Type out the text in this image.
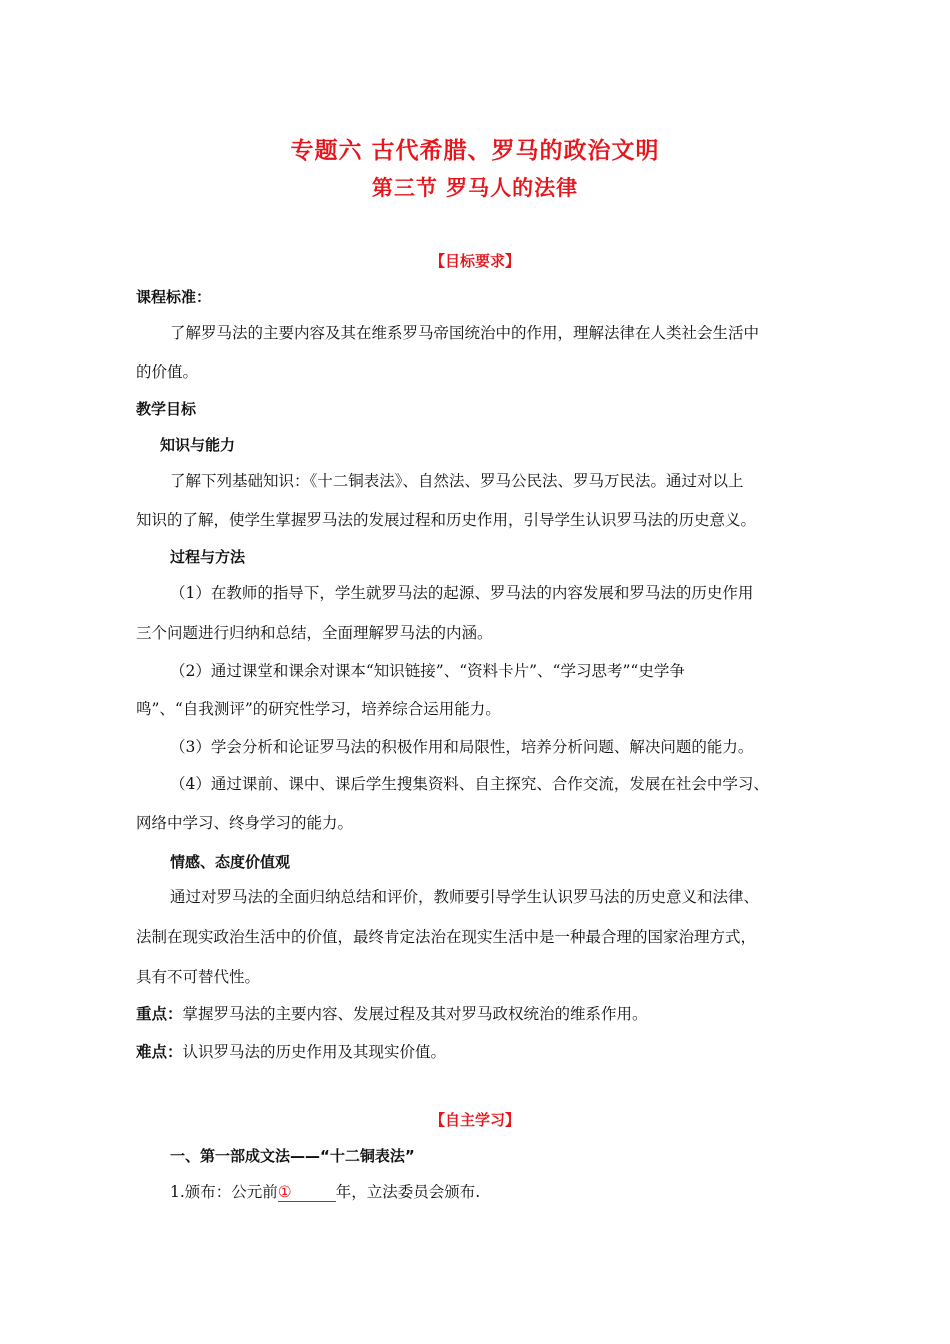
专题六 古代希腊、罗马的政治文明
第三节 罗马人的法律
【目标要求】
课程标准：
了解罗马法的主要内容及其在维系罗马帝国统治中的作用，理解法律在人类社会生活中
的价值。
教学目标
知识与能力
了解下列基础知识：《十二铜表法》、自然法、罗马公民法、罗马万民法。通过对以上
知识的了解，使学生掌握罗马法的发展过程和历史作用，引导学生认识罗马法的历史意义。
过程与方法
（1）在教师的指导下，学生就罗马法的起源、罗马法的内容发展和罗马法的历史作用
三个问题进行归纳和总结，全面理解罗马法的内涵。
（2）通过课堂和课余对课本“知识链接”、“资料卡片”、“学习思考”“史学争
鸣”、“自我测评”的研究性学习，培养综合运用能力。
（3）学会分析和论证罗马法的积极作用和局限性，培养分析问题、解决问题的能力。
（4）通过课前、课中、课后学生搜集资料、自主探究、合作交流，发展在社会中学习、
网络中学习、终身学习的能力。
情感、态度价值观
通过对罗马法的全面归纳总结和评价，教师要引导学生认识罗马法的历史意义和法律、
法制在现实政治生活中的价值，最终肯定法治在现实生活中是一种最合理的国家治理方式，
具有不可替代性。
重点：掌握罗马法的主要内容、发展过程及其对罗马政权统治的维系作用。
难点：认识罗马法的历史作用及其现实价值。
【自主学习】
一、第一部成文法——“十二铜表法”
1.颁布：公元前①	年，立法委员会颁布.
